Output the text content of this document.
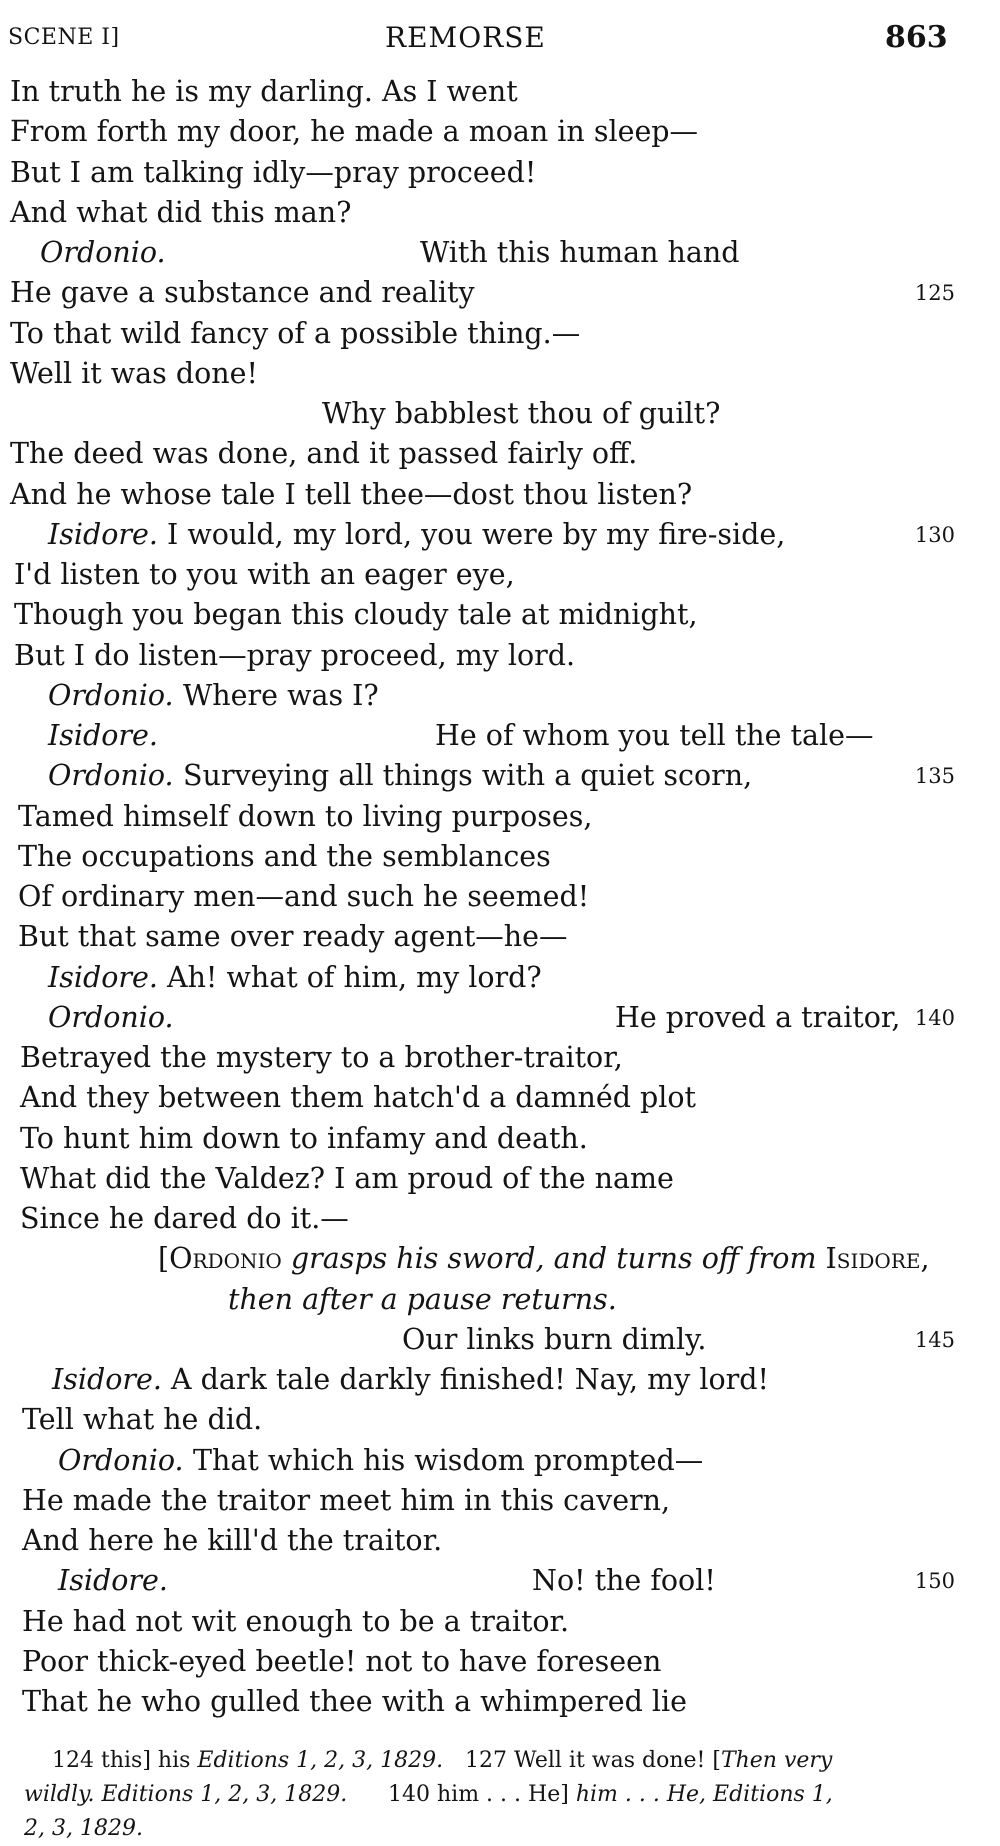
SCENE I]	REMORSE	863
In truth he is my darling. As I went
From forth my door, he made a moan in sleep—
But I am talking idly—pray proceed!
And what did this man?
Ordonio.	With this human hand
He gave a substance and reality	125
To that wild fancy of a possible thing.—
Well it was done!
Why babblest thou of guilt?
The deed was done, and it passed fairly off.
And he whose tale I tell thee—dost thou listen?
Isidore. I would, my lord, you were by my fire-side,	130
I'd listen to you with an eager eye,
Though you began this cloudy tale at midnight,
But I do listen—pray proceed, my lord.
Ordonio. Where was I?
Isidore.	He of whom you tell the tale—
Ordonio. Surveying all things with a quiet scorn,	135
Tamed himself down to living purposes,
The occupations and the semblances
Of ordinary men—and such he seemed!
But that same over ready agent—he—
Isidore. Ah! what of him, my lord?
Ordonio.	He proved a traitor, 140
Betrayed the mystery to a brother-traitor,
And they between them hatch'd a damnéd plot
To hunt him down to infamy and death.
What did the Valdez? I am proud of the name
Since he dared do it.—
[Ordonio grasps his sword, and turns off from Isidore,
then after a pause returns.
Our links burn dimly.	145
Isidore. A dark tale darkly finished! Nay, my lord!
Tell what he did.
Ordonio. That which his wisdom prompted—
He made the traitor meet him in this cavern,
And here he kill'd the traitor.
Isidore.	No! the fool!	150
He had not wit enough to be a traitor.
Poor thick-eyed beetle! not to have foreseen
That he who gulled thee with a whimpered lie
124 this] his Editions 1, 2, 3, 1829. 127 Well it was done! [Then very
wildly. Editions 1, 2, 3, 1829. 140 him . . . He] him . . . He, Editions 1,
2, 3, 1829.
